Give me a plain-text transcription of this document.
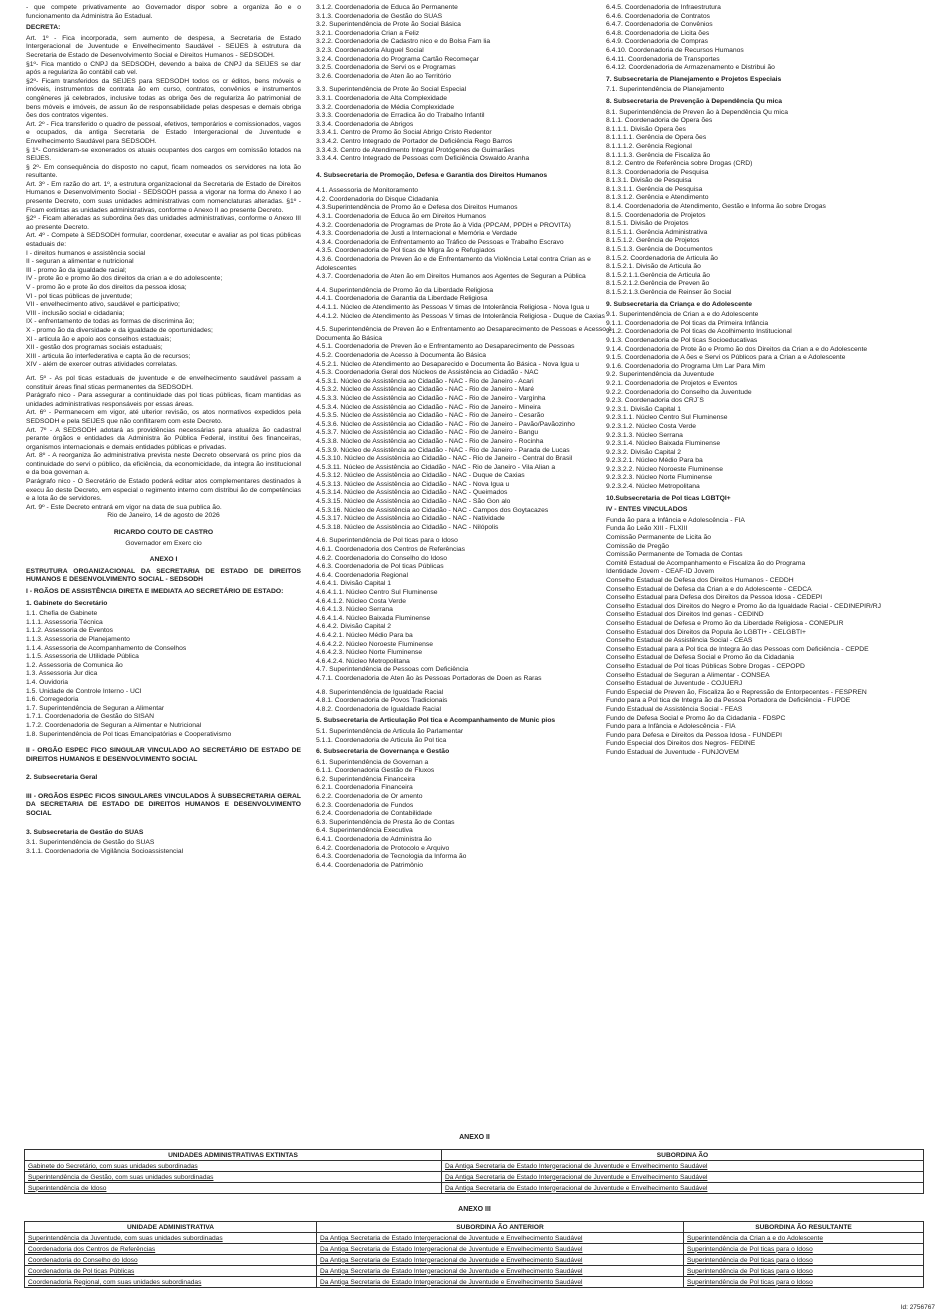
- que compete privativamente ao Governador dispor sobre a organiza ão e o funcionamento da Administra ão Estadual.
DECRETA:
Art. 1º - Fica incorporada, sem aumento de despesa, a Secretaria de Estado Intergeracional de Juventude e Envelhecimento Saudável - SEIJES à estrutura da Secretaria de Estado de Desenvolvimento Social e Direitos Humanos - SEDSODH.
§1º- Fica mantido o CNPJ da SEDSODH, devendo a baixa de CNPJ da SEIJES se dar após a regulariza ão contábil cab vel.
§2º- Ficam transferidos da SEIJES para SEDSODH todos os cr éditos, bens móveis e imóveis, instrumentos de contrata ão em curso, contratos, convênios e instrumentos congêneres já celebrados, inclusive todas as obriga ões de regulariza ão patrimonial de bens móveis e imóveis, de assun ão de responsabilidade pelas despesas e demais obriga ões dos contratos vigentes.
Art. 2º - Fica transferido o quadro de pessoal, efetivos, temporários e comissionados, vagos e ocupados, da antiga Secretaria de Estado Intergeracional de Juventude e Envelhecimento Saudável para SEDSODH.
§ 1º- Consideram-se exonerados os atuais ocupantes dos cargos em comissão lotados na SEIJES.
§ 2º- Em consequência do disposto no caput, ficam nomeados os servidores na lota ão resultante.
Art. 3º - Em razão do art. 1º, a estrutura organizacional da Secretaria de Estado de Direitos Humanos e Desenvolvimento Social - SEDSODH passa a vigorar na forma do Anexo I ao presente Decreto, com suas unidades administrativas com nomenclaturas alteradas. §1º - Ficam extintas as unidades administrativas, conforme o Anexo II ao presente Decreto.
§2º - Ficam alteradas as subordina ões das unidades administrativas, conforme o Anexo III ao presente Decreto.
Art. 4º - Compete à SEDSODH formular, coordenar, executar e avaliar as pol ticas públicas estaduais de:
I - direitos humanos e assistência social
II - seguran a alimentar e nutricional
III - promo ão da igualdade racial;
IV - prote ão e promo ão dos direitos da crian a e do adolescente;
V - promo ão e prote ão dos direitos da pessoa idosa;
VI - pol ticas públicas de juventude;
VII - envelhecimento ativo, saudável e participativo;
VIII - inclusão social e cidadania;
IX - enfrentamento de todas as formas de discrimina ão;
X - promo ão da diversidade e da igualdade de oportunidades;
XI - articula ão e apoio aos conselhos estaduais;
XII - gestão dos programas sociais estaduais;
XIII - articula ão interfederativa e capta ão de recursos;
XIV - além de exercer outras atividades correlatas.
Art. 5º - As pol ticas estaduais de juventude e de envelhecimento saudável passam a constituir áreas final sticas permanentes da SEDSODH.
Parágrafo nico - Para assegurar a continuidade das pol ticas públicas, ficam mantidas as unidades administrativas responsáveis por essas áreas.
Art. 6º - Permanecem em vigor, até ulterior revisão, os atos normativos expedidos pela SEDSODH e pela SEIJES que não conflitarem com este Decreto.
Art. 7º - A SEDSODH adotará as providências necessárias para atualiza ão cadastral perante órgãos e entidades da Administra ão Pública Federal, institui ões financeiras, organismos internacionais e demais entidades públicas e privadas.
Art. 8º - A reorganiza ão administrativa prevista neste Decreto observará os princ pios da continuidade do servi o público, da eficiência, da economicidade, da integra ão institucional e da boa governan a.
Parágrafo nico - O Secretário de Estado poderá editar atos complementares destinados à execu ão deste Decreto, em especial o regimento interno com distribui ão de competências e a lota ão de servidores.
Art. 9º - Este Decreto entrará em vigor na data de sua publica ão.
Rio de Janeiro, 14 de agosto de 2026
RICARDO COUTO DE CASTRO
Governador em Exerc cio
ANEXO I
ESTRUTURA ORGANIZACIONAL DA SECRETARIA DE ESTADO DE DIREITOS HUMANOS E DESENVOLVIMENTO SOCIAL - SEDSODH
I - RGÃOS DE ASSISTÊNCIA DIRETA E IMEDIATA AO SECRETÁRIO DE ESTADO:
1. Gabinete do Secretário
1.1. Chefia de Gabinete
1.1.1. Assessoria Técnica
1.1.2. Assessoria de Eventos
1.1.3. Assessoria de Planejamento
1.1.4. Assessoria de Acompanhamento de Conselhos
1.1.5. Assessoria de Utilidade Pública
1.2. Assessoria de Comunica ão
1.3. Assessoria Jur dica
1.4. Ouvidoria
1.5. Unidade de Controle Interno - UCI
1.6. Corregedoria
1.7. Superintendência de Seguran a Alimentar
1.7.1. Coordenadoria de Gestão do SISAN
1.7.2. Coordenadoria de Seguran a Alimentar e Nutricional
1.8. Superintendência de Pol ticas Emancipatórias e Cooperativismo
II - ORGÃO ESPEC FICO SINGULAR VINCULADO AO SECRETÁRIO DE ESTADO DE DIREITOS HUMANOS E DESENVOLVIMENTO SOCIAL
2. Subsecretaria Geral
III - ORGÃOS ESPEC FICOS SINGULARES VINCULADOS À SUBSECRETARIA GERAL DA SECRETARIA DE ESTADO DE DIREITOS HUMANOS E DESENVOLVIMENTO SOCIAL
3. Subsecretaria de Gestão do SUAS
3.1. Superintendência de Gestão do SUAS
3.1.1. Coordenadoria de Vigilância Socioassistencial
3.1.2. Coordenadoria de Educa ão Permanente
3.1.3. Coordenadoria de Gestão do SUAS
3.2. Superintendência de Prote ão Social Básica
3.2.1. Coordenadoria Crian a Feliz
3.2.2. Coordenadoria de Cadastro nico e do Bolsa Fam lia
3.2.3. Coordenadoria Aluguel Social
3.2.4. Coordenadoria do Programa Cartão Recomeçar
3.2.5. Coordenadoria de Servi os e Programas
3.2.6. Coordenadoria de Aten ão ao Território
3.3. Superintendência de Prote ão Social Especial
3.3.1. Coordenadoria de Alta Complexidade
3.3.2. Coordenadoria de Média Complexidade
3.3.3. Coordenadoria de Erradica ão do Trabalho Infantil
3.3.4. Coordenadoria de Abrigos
3.3.4.1. Centro de Promo ão Social Abrigo Cristo Redentor
3.3.4.2. Centro Integrado de Portador de Deficiência Rego Barros
3.3.4.3. Centro de Atendimento Integral Protógenes de Guimarães
3.3.4.4. Centro Integrado de Pessoas com Deficiência Oswaldo Aranha
4. Subsecretaria de Promoção, Defesa e Garantia dos Direitos Humanos
4.1. Assessoria de Monitoramento
4.2. Coordenadoria do Disque Cidadania
4.3.Superintendência de Promo ão e Defesa dos Direitos Humanos
4.3.1. Coordenadoria de Educa ão em Direitos Humanos
4.3.2. Coordenadoria de Programas de Prote ão à Vida (PPCAM, PPDH e PROVITA)
4.3.3. Coordenadoria de Justi a Internacional e Memória e Verdade
4.3.4. Coordenadoria de Enfrentamento ao Tráfico de Pessoas e Trabalho Escravo
4.3.5. Coordenadoria de Pol ticas de Migra ão e Refugiados
4.3.6. Coordenadoria de Preven ão e de Enfrentamento da Violência Letal contra Crian as e Adolescentes
4.3.7. Coordenadoria de Aten ão em Direitos Humanos aos Agentes de Seguran a Pública
4.4. Superintendência de Promo ão da Liberdade Religiosa
4.4.1. Coordenadoria de Garantia da Liberdade Religiosa
4.4.1.1. Núcleo de Atendimento às Pessoas V timas de Intolerância Religiosa - Nova Igua u
4.4.1.2. Núcleo de Atendimento às Pessoas V timas de Intolerância Religiosa - Duque de Caxias
4.5. Superintendência de Preven ão e Enfrentamento ao Desaparecimento de Pessoas e Acesso à Documenta ão Básica
4.5.1. Coordenadoria de Preven ão e Enfrentamento ao Desaparecimento de Pessoas
4.5.2. Coordenadoria de Acesso à Documenta ão Básica
4.5.2.1. Núcleo de Atendimento ao Desaparecido e Documenta ão Básica - Nova Igua u
4.5.3. Coordenadoria Geral dos Núcleos de Assistência ao Cidadão - NAC
4.5.3.1. Núcleo de Assistência ao Cidadão - NAC - Rio de Janeiro - Acari
4.5.3.2. Núcleo de Assistência ao Cidadão - NAC - Rio de Janeiro - Maré
4.5.3.3. Núcleo de Assistência ao Cidadão - NAC - Rio de Janeiro - Vargínha
4.5.3.4. Núcleo de Assistência ao Cidadão - NAC - Rio de Janeiro - Mineira
4.5.3.5. Núcleo de Assistência ao Cidadão - NAC - Rio de Janeiro - Cesarão
4.5.3.6. Núcleo de Assistência ao Cidadão - NAC - Rio de Janeiro - Pavão/Pavãozinho
4.5.3.7. Núcleo de Assistência ao Cidadão - NAC - Rio de Janeiro - Bangu
4.5.3.8. Núcleo de Assistência ao Cidadão - NAC - Rio de Janeiro - Rocinha
4.5.3.9. Núcleo de Assistência ao Cidadão - NAC - Rio de Janeiro - Parada de Lucas
4.5.3.10. Núcleo de Assistência ao Cidadão - NAC - Rio de Janeiro - Central do Brasil
4.5.3.11. Núcleo de Assistência ao Cidadão - NAC - Rio de Janeiro - Vila Alian a
4.5.3.12. Núcleo de Assistência ao Cidadão - NAC - Duque de Caxias
4.5.3.13. Núcleo de Assistência ao Cidadão - NAC - Nova Igua u
4.5.3.14. Núcleo de Assistência ao Cidadão - NAC - Queimados
4.5.3.15. Núcleo de Assistência ao Cidadão - NAC - São Gon alo
4.5.3.16. Núcleo de Assistência ao Cidadão - NAC - Campos dos Goytacazes
4.5.3.17. Núcleo de Assistência ao Cidadão - NAC - Natividade
4.5.3.18. Núcleo de Assistência ao Cidadão - NAC - Nilópolis
4.6. Superintendência de Pol ticas para o Idoso
4.6.1. Coordenadoria dos Centros de Referências
4.6.2. Coordenadoria do Conselho do Idoso
4.6.3. Coordenadoria de Pol ticas Públicas
4.6.4. Coordenadoria Regional
4.6.4.1. Divisão Capital 1
4.6.4.1.1. Núcleo Centro Sul Fluminense
4.6.4.1.2. Núcleo Costa Verde
4.6.4.1.3. Núcleo Serrana
4.6.4.1.4. Núcleo Baixada Fluminense
4.6.4.2. Divisão Capital 2
4.6.4.2.1. Núcleo Médio Para ba
4.6.4.2.2. Núcleo Noroeste Fluminense
4.6.4.2.3. Núcleo Norte Fluminense
4.6.4.2.4. Núcleo Metropolitana
4.7. Superintendência de Pessoas com Deficiência
4.7.1. Coordenadoria de Aten ão às Pessoas Portadoras de Doen as Raras
4.8. Superintendência de Igualdade Racial
4.8.1. Coordenadoria de Povos Tradicionais
4.8.2. Coordenadoria de Igualdade Racial
5. Subsecretaria de Articulação Pol tica e Acompanhamento de Munic pios
5.1. Superintendência de Articula ão Parlamentar
5.1.1. Coordenadoria de Articula ão Pol tica
6. Subsecretaria de Governança e Gestão
6.1. Superintendência de Governan a
6.1.1. Coordenadoria Gestão de Fluxos
6.2. Superintendência Financeira
6.2.1. Coordenadoria Financeira
6.2.2. Coordenadoria de Or amento
6.2.3. Coordenadoria de Fundos
6.2.4. Coordenadoria de Contabilidade
6.3. Superintendência de Presta ão de Contas
6.4. Superintendência Executiva
6.4.1. Coordenadoria de Administra ão
6.4.2. Coordenadoria de Protocolo e Arquivo
6.4.3. Coordenadoria de Tecnologia da Informa ão
6.4.4. Coordenadoria de Patrimônio
6.4.5. Coordenadoria de Infraestrutura
6.4.6. Coordenadoria de Contratos
6.4.7. Coordenadoria de Convênios
6.4.8. Coordenadoria de Licita ões
6.4.9. Coordenadoria de Compras
6.4.10. Coordenadoria de Recursos Humanos
6.4.11. Coordenadoria de Transportes
6.4.12. Coordenadoria de Armazenamento e Distribui ão
7. Subsecretaria de Planejamento e Projetos Especiais
7.1. Superintendência de Planejamento
8. Subsecretaria de Prevenção à Dependência Qu mica
8.1. Superintendência de Preven ão à Dependência Qu mica
8.1.1. Coordenadoria de Opera ões
8.1.1.1. Divisão Opera ões
8.1.1.1.1. Gerência de Opera ões
8.1.1.1.2. Gerência Regional
8.1.1.1.3. Gerência de Fiscaliza ão
8.1.2. Centro de Referência sobre Drogas (CRD)
8.1.3. Coordenadoria de Pesquisa
8.1.3.1. Divisão de Pesquisa
8.1.3.1.1. Gerência de Pesquisa
8.1.3.1.2. Gerência e Atendimento
8.1.4. Coordenadoria de Atendimento, Gestão e Informa ão sobre Drogas
8.1.5. Coordenadoria de Projetos
8.1.5.1. Divisão de Projetos
8.1.5.1.1. Gerência Administrativa
8.1.5.1.2. Gerência de Projetos
8.1.5.1.3. Gerência de Documentos
8.1.5.2. Coordenadoria de Articula ão
8.1.5.2.1. Divisão de Articula ão
8.1.5.2.1.1.Gerência de Articula ão
8.1.5.2.1.2.Gerência de Preven ão
8.1.5.2.1.3.Gerência de Reinser ão Social
9. Subsecretaria da Criança e do Adolescente
9.1. Superintendência de Crian a e do Adolescente
9.1.1. Coordenadoria de Pol ticas da Primeira Infância
9.1.2. Coordenadoria de Pol ticas de Acolhimento Institucional
9.1.3. Coordenadoria de Pol ticas Socioeducativas
9.1.4. Coordenadoria de Prote ão e Promo ão dos Direitos da Crian a e do Adolescente
9.1.5. Coordenadoria de A ões e Servi os Públicos para a Crian a e Adolescente
9.1.6. Coordenadoria do Programa Um Lar Para Mim
9.2. Superintendência da Juventude
9.2.1. Coordenadoria de Projetos e Eventos
9.2.2. Coordenadoria do Conselho da Juventude
9.2.3. Coordenadoria dos CRJ´S
9.2.3.1. Divisão Capital 1
9.2.3.1.1. Núcleo Centro Sul Fluminense
9.2.3.1.2. Núcleo Costa Verde
9.2.3.1.3. Núcleo Serrana
9.2.3.1.4. Núcleo Baixada Fluminense
9.2.3.2. Divisão Capital 2
9.2.3.2.1. Núcleo Médio Para ba
9.2.3.2.2. Núcleo Noroeste Fluminense
9.2.3.2.3. Núcleo Norte Fluminense
9.2.3.2.4. Núcleo Metropolitana
10.Subsecretaria de Pol ticas LGBTQI+
IV - ENTES VINCULADOS
Funda ão para a Infância e Adolescência - FIA
Funda ão Leão XIII - FLXIII
Comissão Permanente de Licita ão
Comissão de Pregão
Comissão Permanente de Tomada de Contas
Comitê Estadual de Acompanhamento e Fiscaliza ão do Programa
Identidade Jovem - CEAF-ID Jovem
Conselho Estadual de Defesa dos Direitos Humanos - CEDDH
Conselho Estadual de Defesa da Crian a e do Adolescente - CEDCA
Conselho Estadual para Defesa dos Direitos da Pessoa Idosa - CEDEPI
Conselho Estadual dos Direitos do Negro e Promo ão da Igualdade Racial - CEDINEPIR/RJ
Conselho Estadual dos Direitos Ind genas - CEDIND
Conselho Estadual de Defesa e Promo ão da Liberdade Religiosa - CONEPLIR
Conselho Estadual dos Direitos da Popula ão LGBTI+ - CELGBTI+
Conselho Estadual de Assistência Social - CEAS
Conselho Estadual para a Pol tica de Integra ão das Pessoas com Deficiência - CEPDE
Conselho Estadual de Defesa Social e Promo ão da Cidadania
Conselho Estadual de Pol ticas Públicas Sobre Drogas - CEPOPD
Conselho Estadual de Seguran a Alimentar - CONSEA
Conselho Estadual de Juventude - COJUERJ
Fundo Especial de Preven ão, Fiscaliza ão e Repressão de Entorpecentes - FESPREN
Fundo para a Pol tica de Integra ão da Pessoa Portadora de Deficiência - FUPDE
Fundo Estadual de Assistência Social - FEAS
Fundo de Defesa Social e Promo ão da Cidadania - FDSPC
Fundo para a Infância e Adolescência - FIA
Fundo para Defesa e Direitos da Pessoa Idosa - FUNDEPI
Fundo Especial dos Direitos dos Negros- FEDINE
Fundo Estadual de Juventude - FUNJOVEM
ANEXO II
UNIDADES ADMINISTRATIVAS EXTINTAS	SUBORDINA ÃO
Gabinete do Secretário, com suas unidades subordinadas	Da Antiga Secretaria de Estado Intergeracional de Juventude e Envelhecimento Saudável
Superintendência de Gestão, com suas unidades subordinadas	Da Antiga Secretaria de Estado Intergeracional de Juventude e Envelhecimento Saudável
Superintendência de Idoso	Da Antiga Secretaria de Estado Intergeracional de Juventude e Envelhecimento Saudável
ANEXO III
UNIDADE ADMINISTRATIVA	SUBORDINA ÃO ANTERIOR	SUBORDINA ÃO RESULTANTE
Superintendência da Juventude, com suas unidades subordinadas	Da Antiga Secretaria de Estado Intergeracional de Juventude e Envelhecimento Saudável	Superintendência da Crian a e do Adolescente
Coordenadoria dos Centros de Referências	Da Antiga Secretaria de Estado Intergeracional de Juventude e Envelhecimento Saudável	Superintendência de Pol ticas para o Idoso
Coordenadoria do Conselho do Idoso	Da Antiga Secretaria de Estado Intergeracional de Juventude e Envelhecimento Saudável	Superintendência de Pol ticas para o Idoso
Coordenadoria de Pol ticas Públicas	Da Antiga Secretaria de Estado Intergeracional de Juventude e Envelhecimento Saudável	Superintendência de Pol ticas para o Idoso
Coordenadoria Regional, com suas unidades subordinadas	Da Antiga Secretaria de Estado Intergeracional de Juventude e Envelhecimento Saudável	Superintendência de Pol ticas para o Idoso
Id: 2756767
